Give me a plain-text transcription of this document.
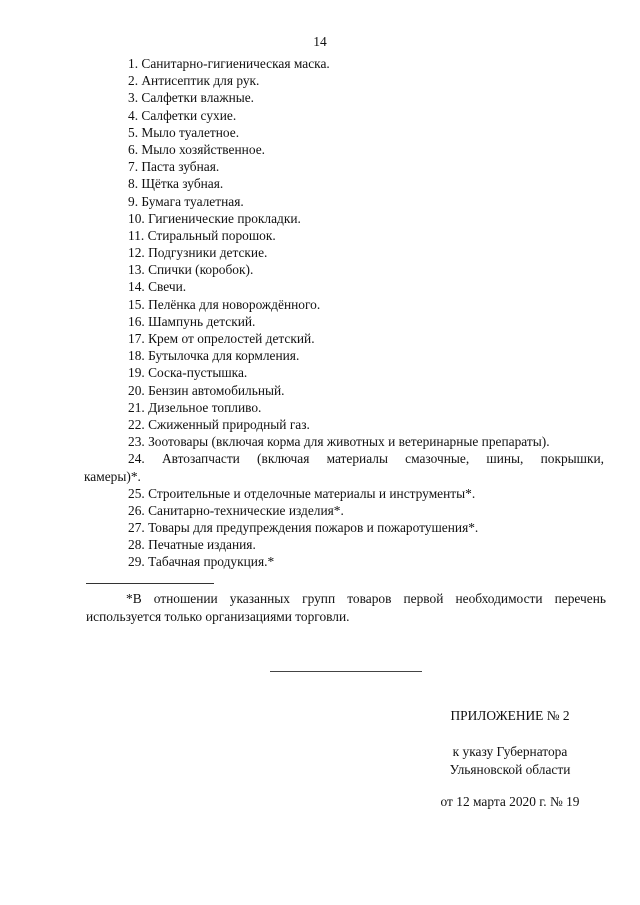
14
1. Санитарно-гигиеническая маска.
2. Антисептик для рук.
3. Салфетки влажные.
4. Салфетки сухие.
5. Мыло туалетное.
6. Мыло хозяйственное.
7. Паста зубная.
8. Щётка зубная.
9. Бумага туалетная.
10. Гигиенические прокладки.
11. Стиральный порошок.
12. Подгузники детские.
13. Спички (коробок).
14. Свечи.
15. Пелёнка для новорождённого.
16. Шампунь детский.
17. Крем от опрелостей детский.
18. Бутылочка для кормления.
19. Соска-пустышка.
20. Бензин автомобильный.
21. Дизельное топливо.
22. Сжиженный природный газ.
23. Зоотовары (включая корма для животных и ветеринарные препараты).
24. Автозапчасти (включая материалы смазочные, шины, покрышки,
камеры)*.
25. Строительные и отделочные материалы и инструменты*.
26. Санитарно-технические изделия*.
27. Товары для предупреждения пожаров и пожаротушения*.
28. Печатные издания.
29. Табачная продукция.*
*В отношении указанных групп товаров первой необходимости перечень
используется только организациями торговли.
ПРИЛОЖЕНИЕ № 2
к указу Губернатора
Ульяновской области
от 12 марта 2020 г. № 19
